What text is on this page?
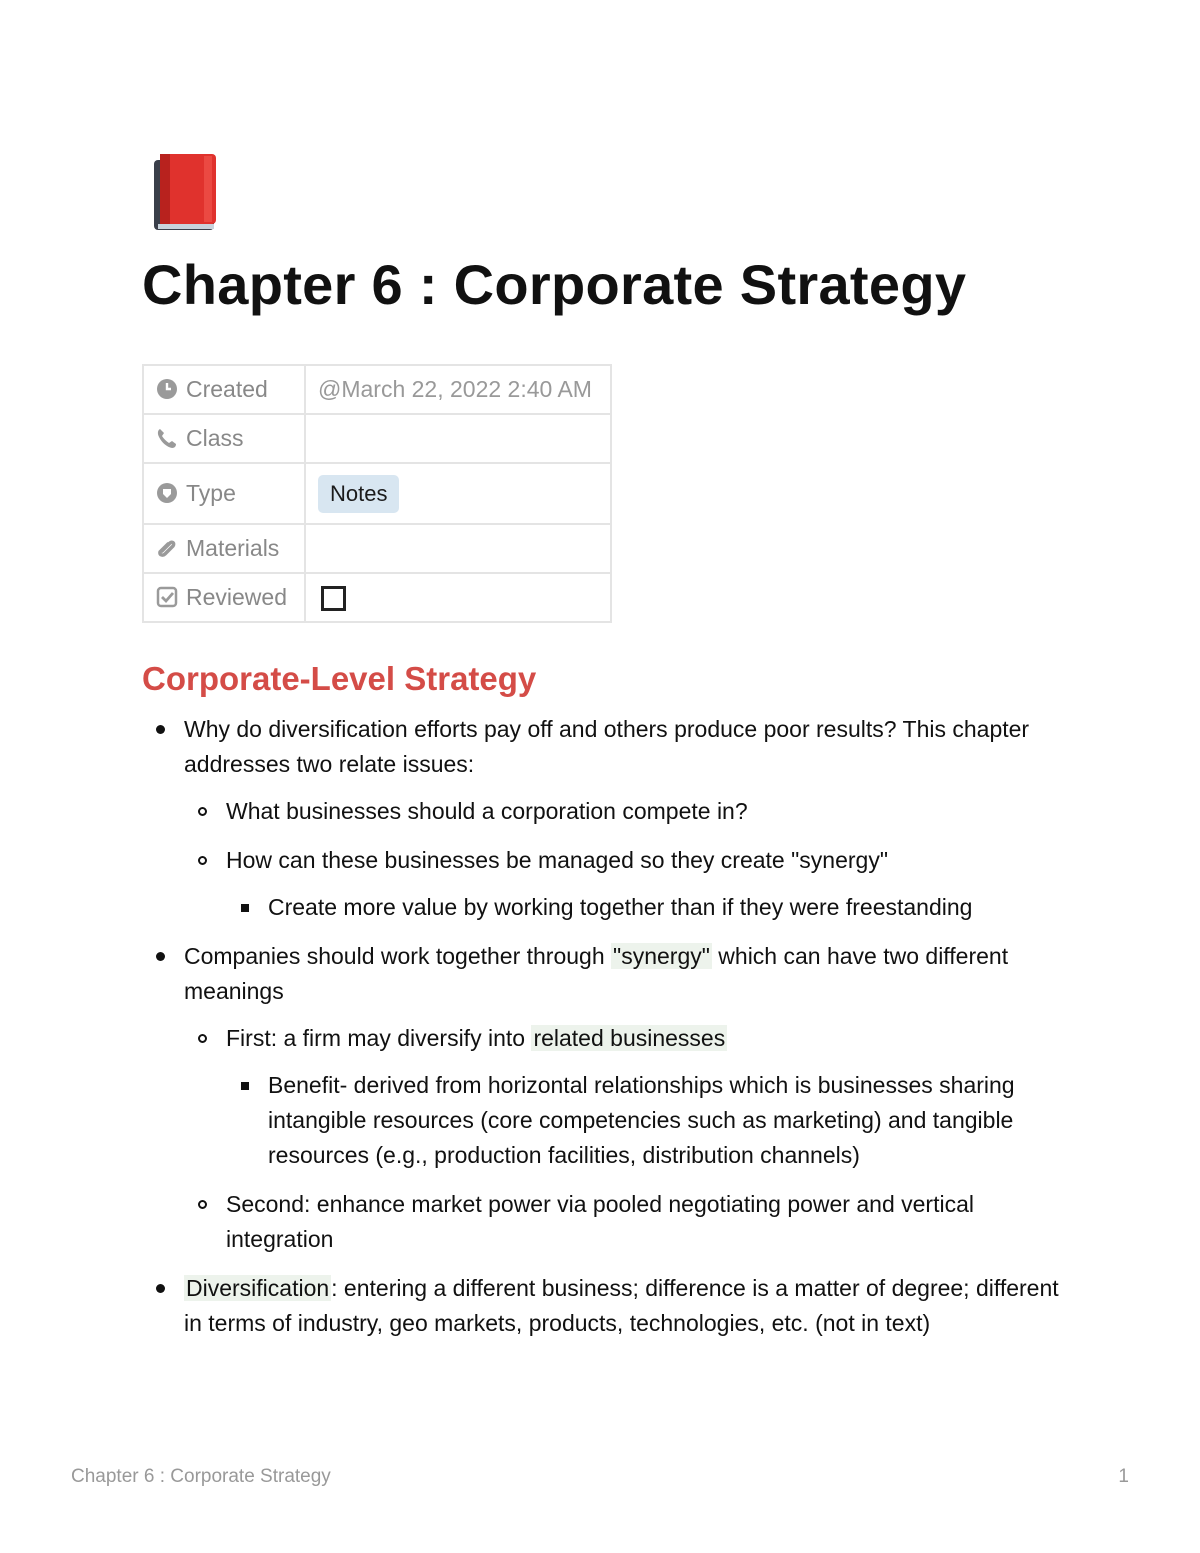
Chapter 6 : Corporate Strategy
Created	@March 22, 2022 2:40 AM
Class	
Type	Notes
Materials	
Reviewed	
Corporate-Level Strategy
Why do diversification efforts pay off and others produce poor results? This chapter addresses two relate issues:
What businesses should a corporation compete in?
How can these businesses be managed so they create "synergy"
Create more value by working together than if they were freestanding
Companies should work together through "synergy" which can have two different meanings
First: a firm may diversify into related businesses
Benefit- derived from horizontal relationships which is businesses sharing intangible resources (core competencies such as marketing) and tangible resources (e.g., production facilities, distribution channels)
Second: enhance market power via pooled negotiating power and vertical integration
Diversification: entering a different business; difference is a matter of degree; different in terms of industry, geo markets, products, technologies, etc. (not in text)
Chapter 6 : Corporate Strategy	1
